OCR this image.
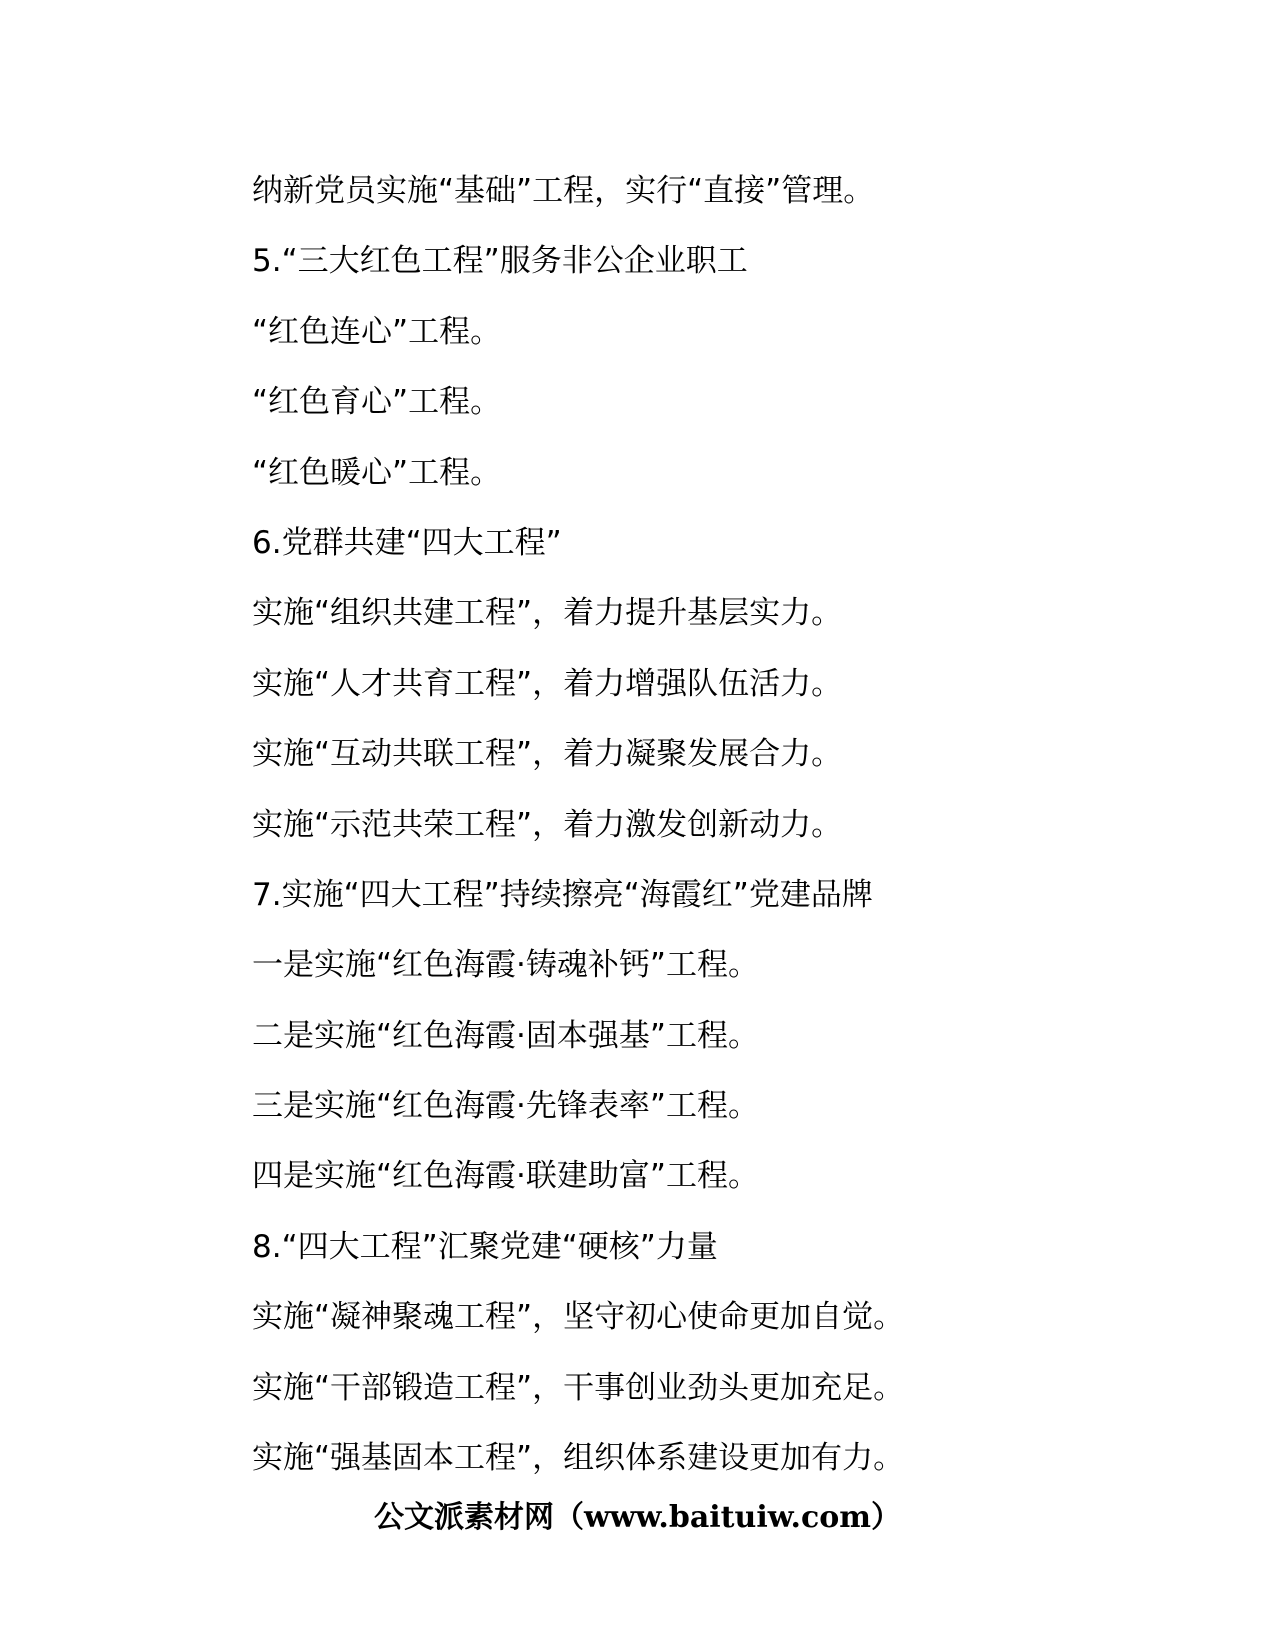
纳新党员实施“基础”工程，实行“直接”管理。
5.“三大红色工程”服务非公企业职工
“红色连心”工程。
“红色育心”工程。
“红色暖心”工程。
6.党群共建“四大工程”
实施“组织共建工程”，着力提升基层实力。
实施“人才共育工程”，着力增强队伍活力。
实施“互动共联工程”，着力凝聚发展合力。
实施“示范共荣工程”，着力激发创新动力。
7.实施“四大工程”持续擦亮“海霞红”党建品牌
一是实施“红色海霞·铸魂补钙”工程。
二是实施“红色海霞·固本强基”工程。
三是实施“红色海霞·先锋表率”工程。
四是实施“红色海霞·联建助富”工程。
8.“四大工程”汇聚党建“硬核”力量
实施“凝神聚魂工程”，坚守初心使命更加自觉。
实施“干部锻造工程”，干事创业劲头更加充足。
实施“强基固本工程”，组织体系建设更加有力。
公文派素材网（www.baituiw.com）
